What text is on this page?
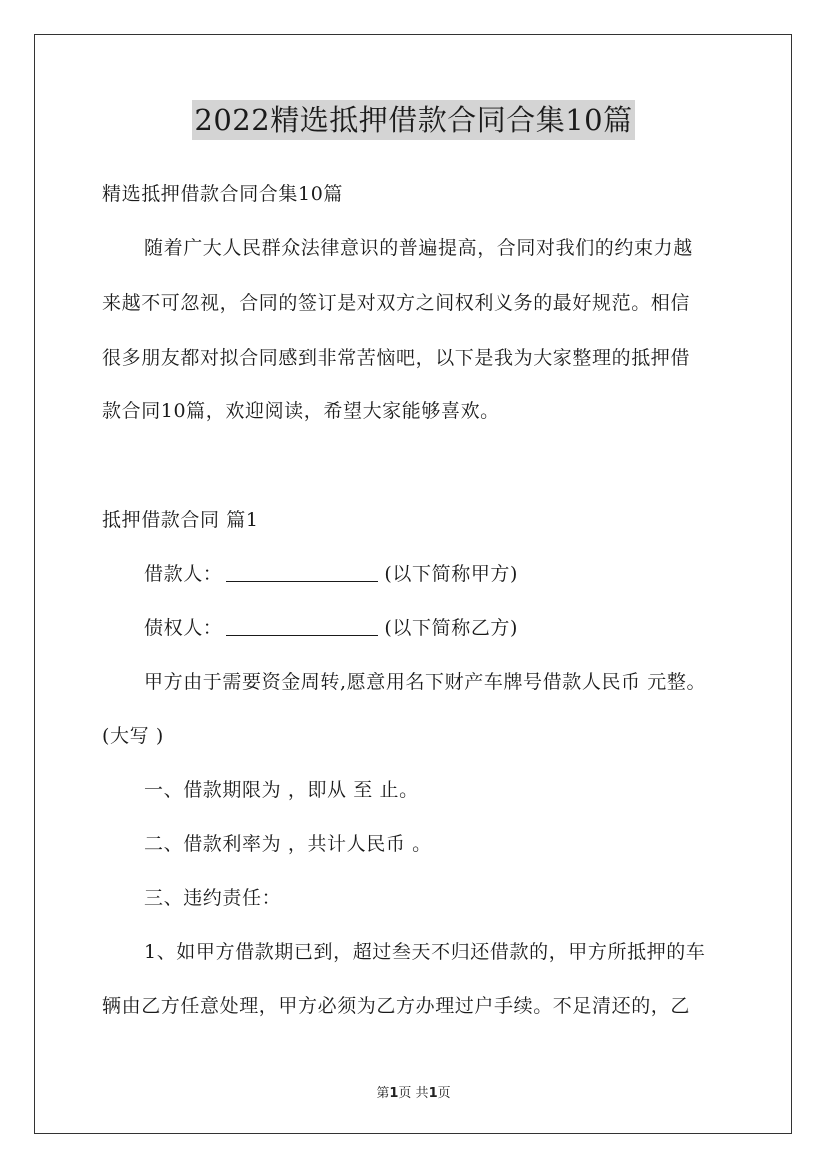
2022精选抵押借款合同合集10篇
精选抵押借款合同合集10篇
随着广大人民群众法律意识的普遍提高，合同对我们的约束力越
来越不可忽视，合同的签订是对双方之间权利义务的最好规范。相信
很多朋友都对拟合同感到非常苦恼吧，以下是我为大家整理的抵押借
款合同10篇，欢迎阅读，希望大家能够喜欢。
抵押借款合同 篇1
借款人：	(以下简称甲方)
债权人：	(以下简称乙方)
甲方由于需要资金周转,愿意用名下财产车牌号借款人民币 元整。
(大写 )
一、借款期限为 ，即从 至 止。
二、借款利率为 ，共计人民币 。
三、违约责任：
1、如甲方借款期已到，超过叁天不归还借款的，甲方所抵押的车
辆由乙方任意处理，甲方必须为乙方办理过户手续。不足清还的，乙
第1页 共1页
